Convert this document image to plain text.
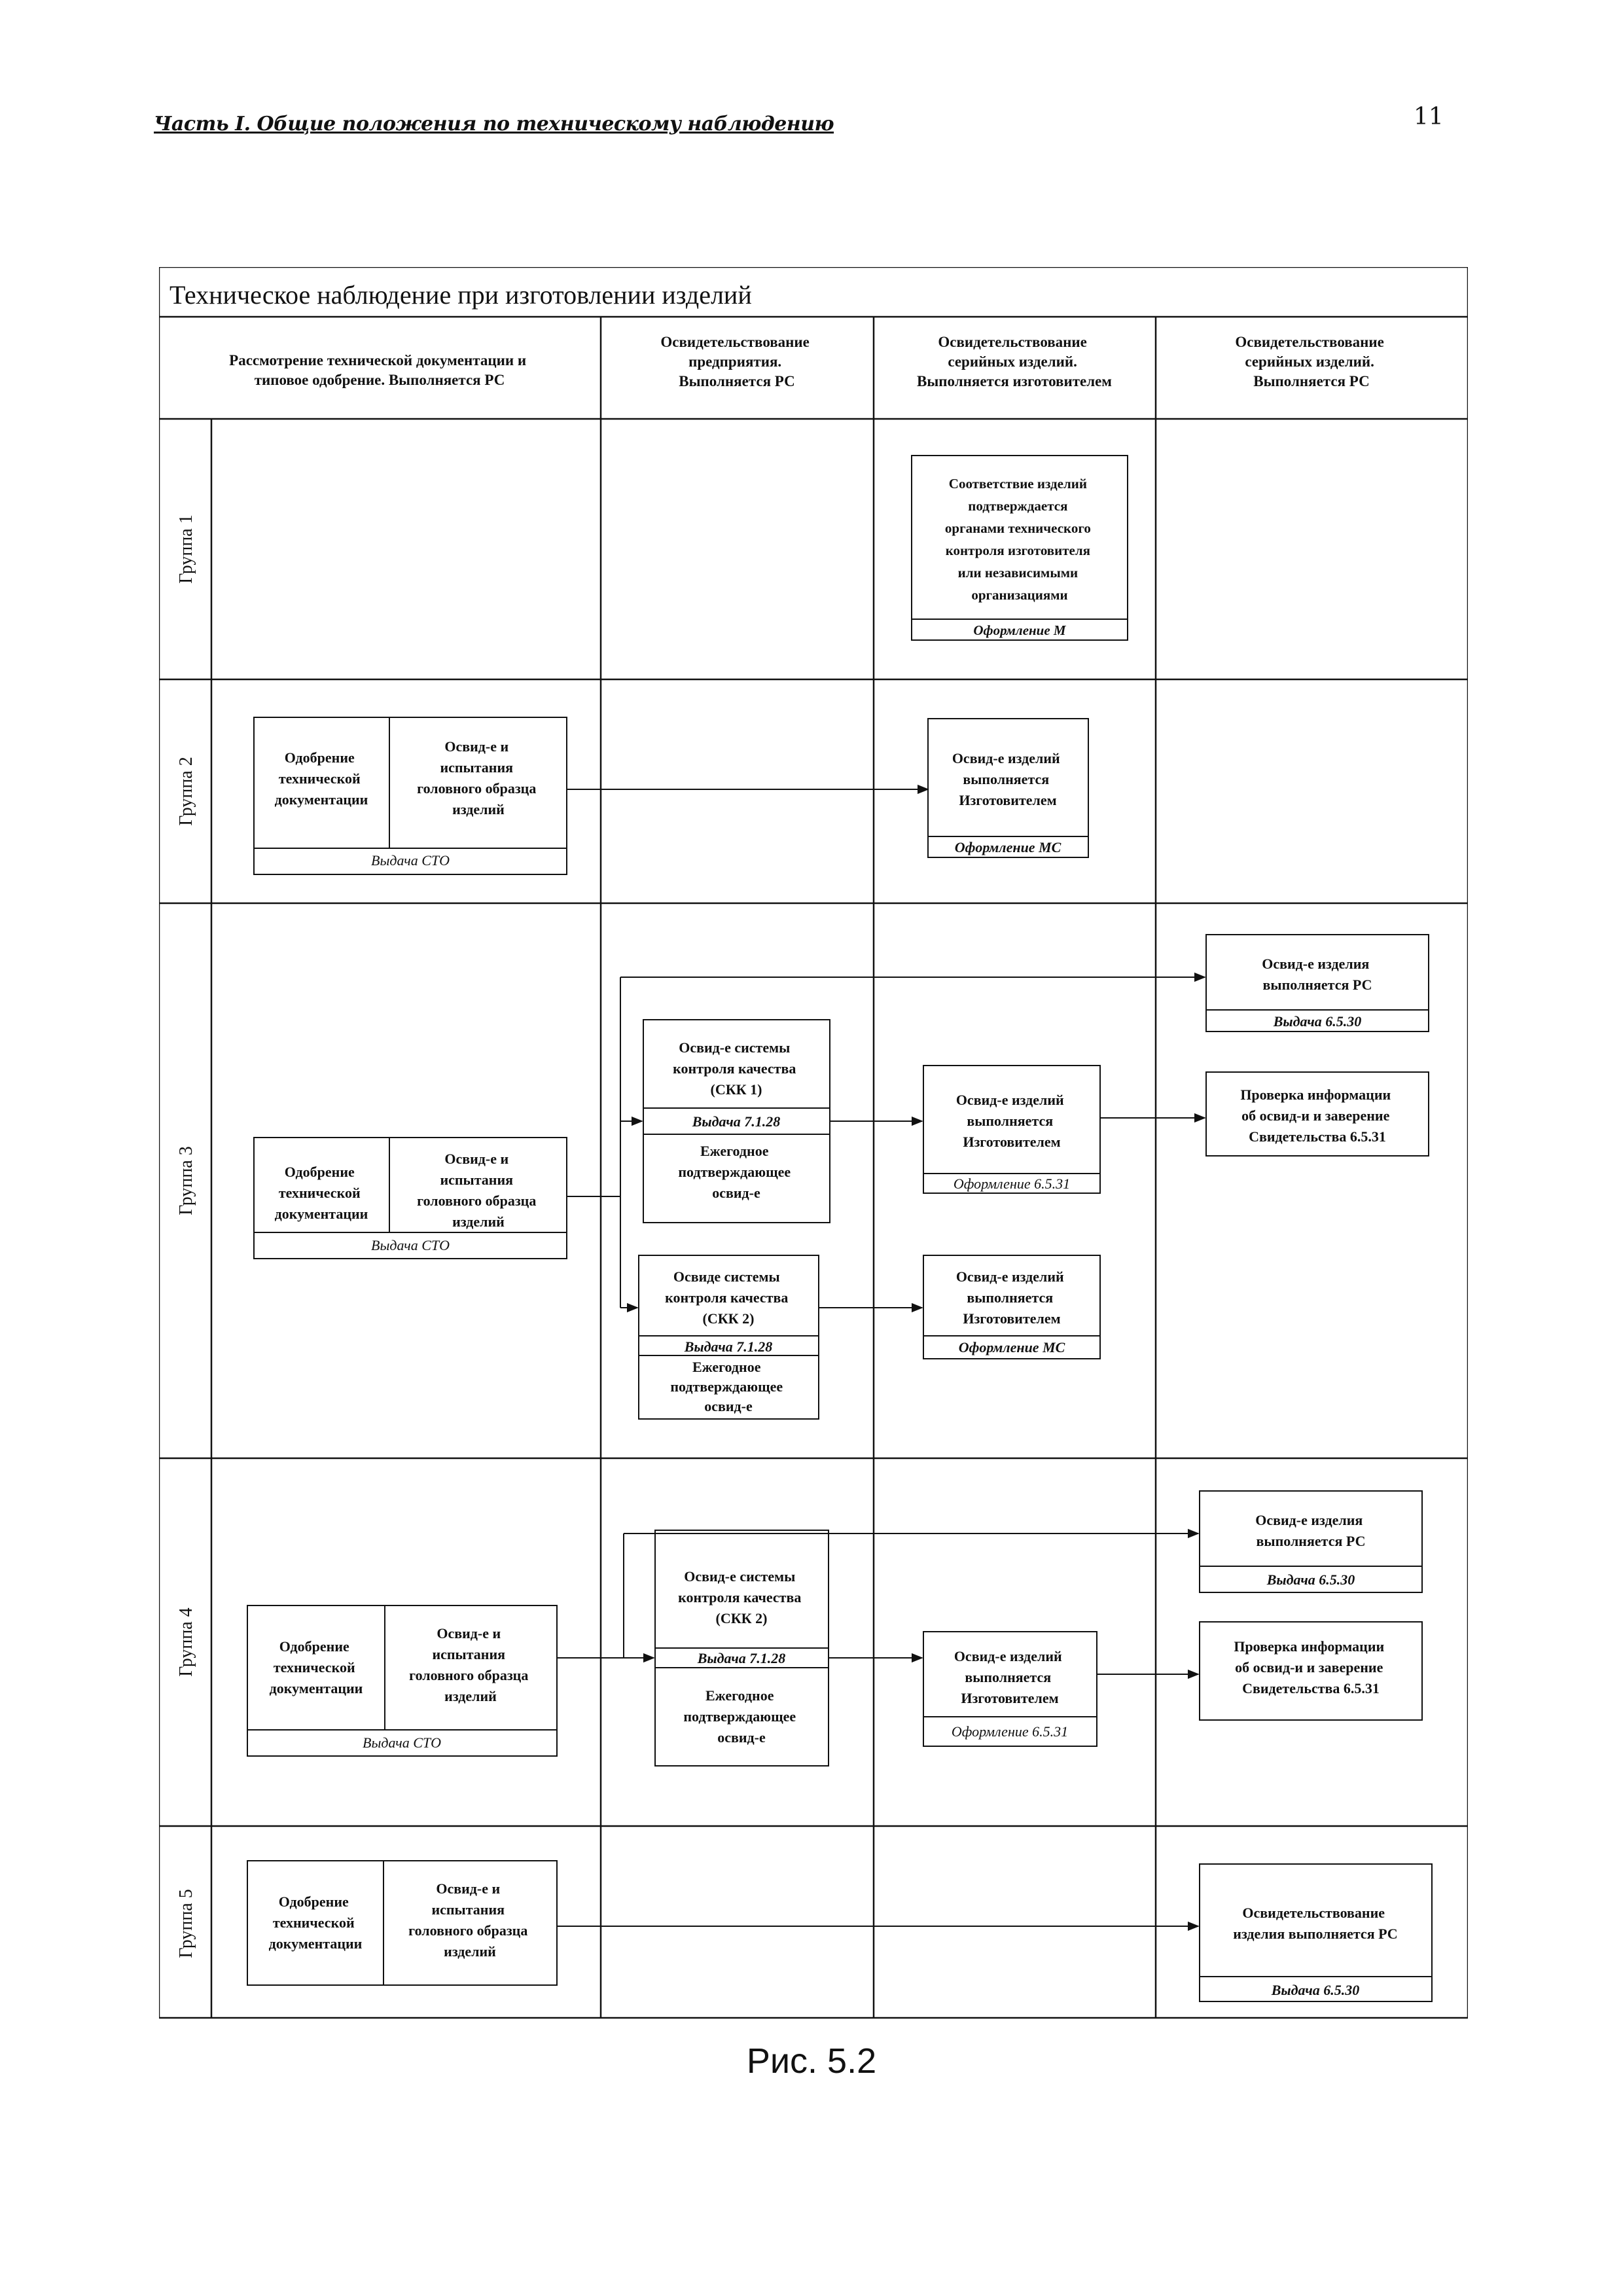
Часть I. Общие положения по техническому наблюдению	11
Техническое наблюдение при изготовлении изделий
Рассмотрение технической документации и типовое одобрение. Выполняется РС
Освидетельствование предприятия. Выполняется РС
Освидетельствование серийных изделий. Выполняется изготовителем
Освидетельствование серийных изделий. Выполняется РС
Группа 1
Группа 2
Группа 3
Группа 4
Группа 5
Соответствие изделий подтверждается органами технического контроля изготовителя или независимыми организациями
Оформление М
Одобрение технической документации
Освид-е и испытания головного образца изделий
Выдача СТО
Освид-е изделий выполняется Изготовителем
Оформление МС
Одобрение технической документации
Освид-е и испытания головного образца изделий
Выдача СТО
Освид-е системы контроля качества (СКК 1)
Выдача 7.1.28
Ежегодное подтверждающее освид-е
Освиде системы контроля качества (СКК 2)
Выдача 7.1.28
Ежегодное подтверждающее освид-е
Освид-е изделий выполняется Изготовителем
Оформление 6.5.31
Освид-е изделий выполняется Изготовителем
Оформление МС
Освид-е изделия выполняется РС
Выдача 6.5.30
Проверка информации об освид-и и заверение Свидетельства 6.5.31
Одобрение технической документации
Освид-е и испытания головного образца изделий
Выдача СТО
Освид-е системы контроля качества (СКК 2)
Выдача 7.1.28
Ежегодное подтверждающее освид-е
Освид-е изделий выполняется Изготовителем
Оформление 6.5.31
Освид-е изделия выполняется РС
Выдача 6.5.30
Проверка информации об освид-и и заверение Свидетельства 6.5.31
Одобрение технической документации
Освид-е и испытания головного образца изделий
Освидетельствование изделия выполняется РС
Выдача 6.5.30
Рис. 5.2
